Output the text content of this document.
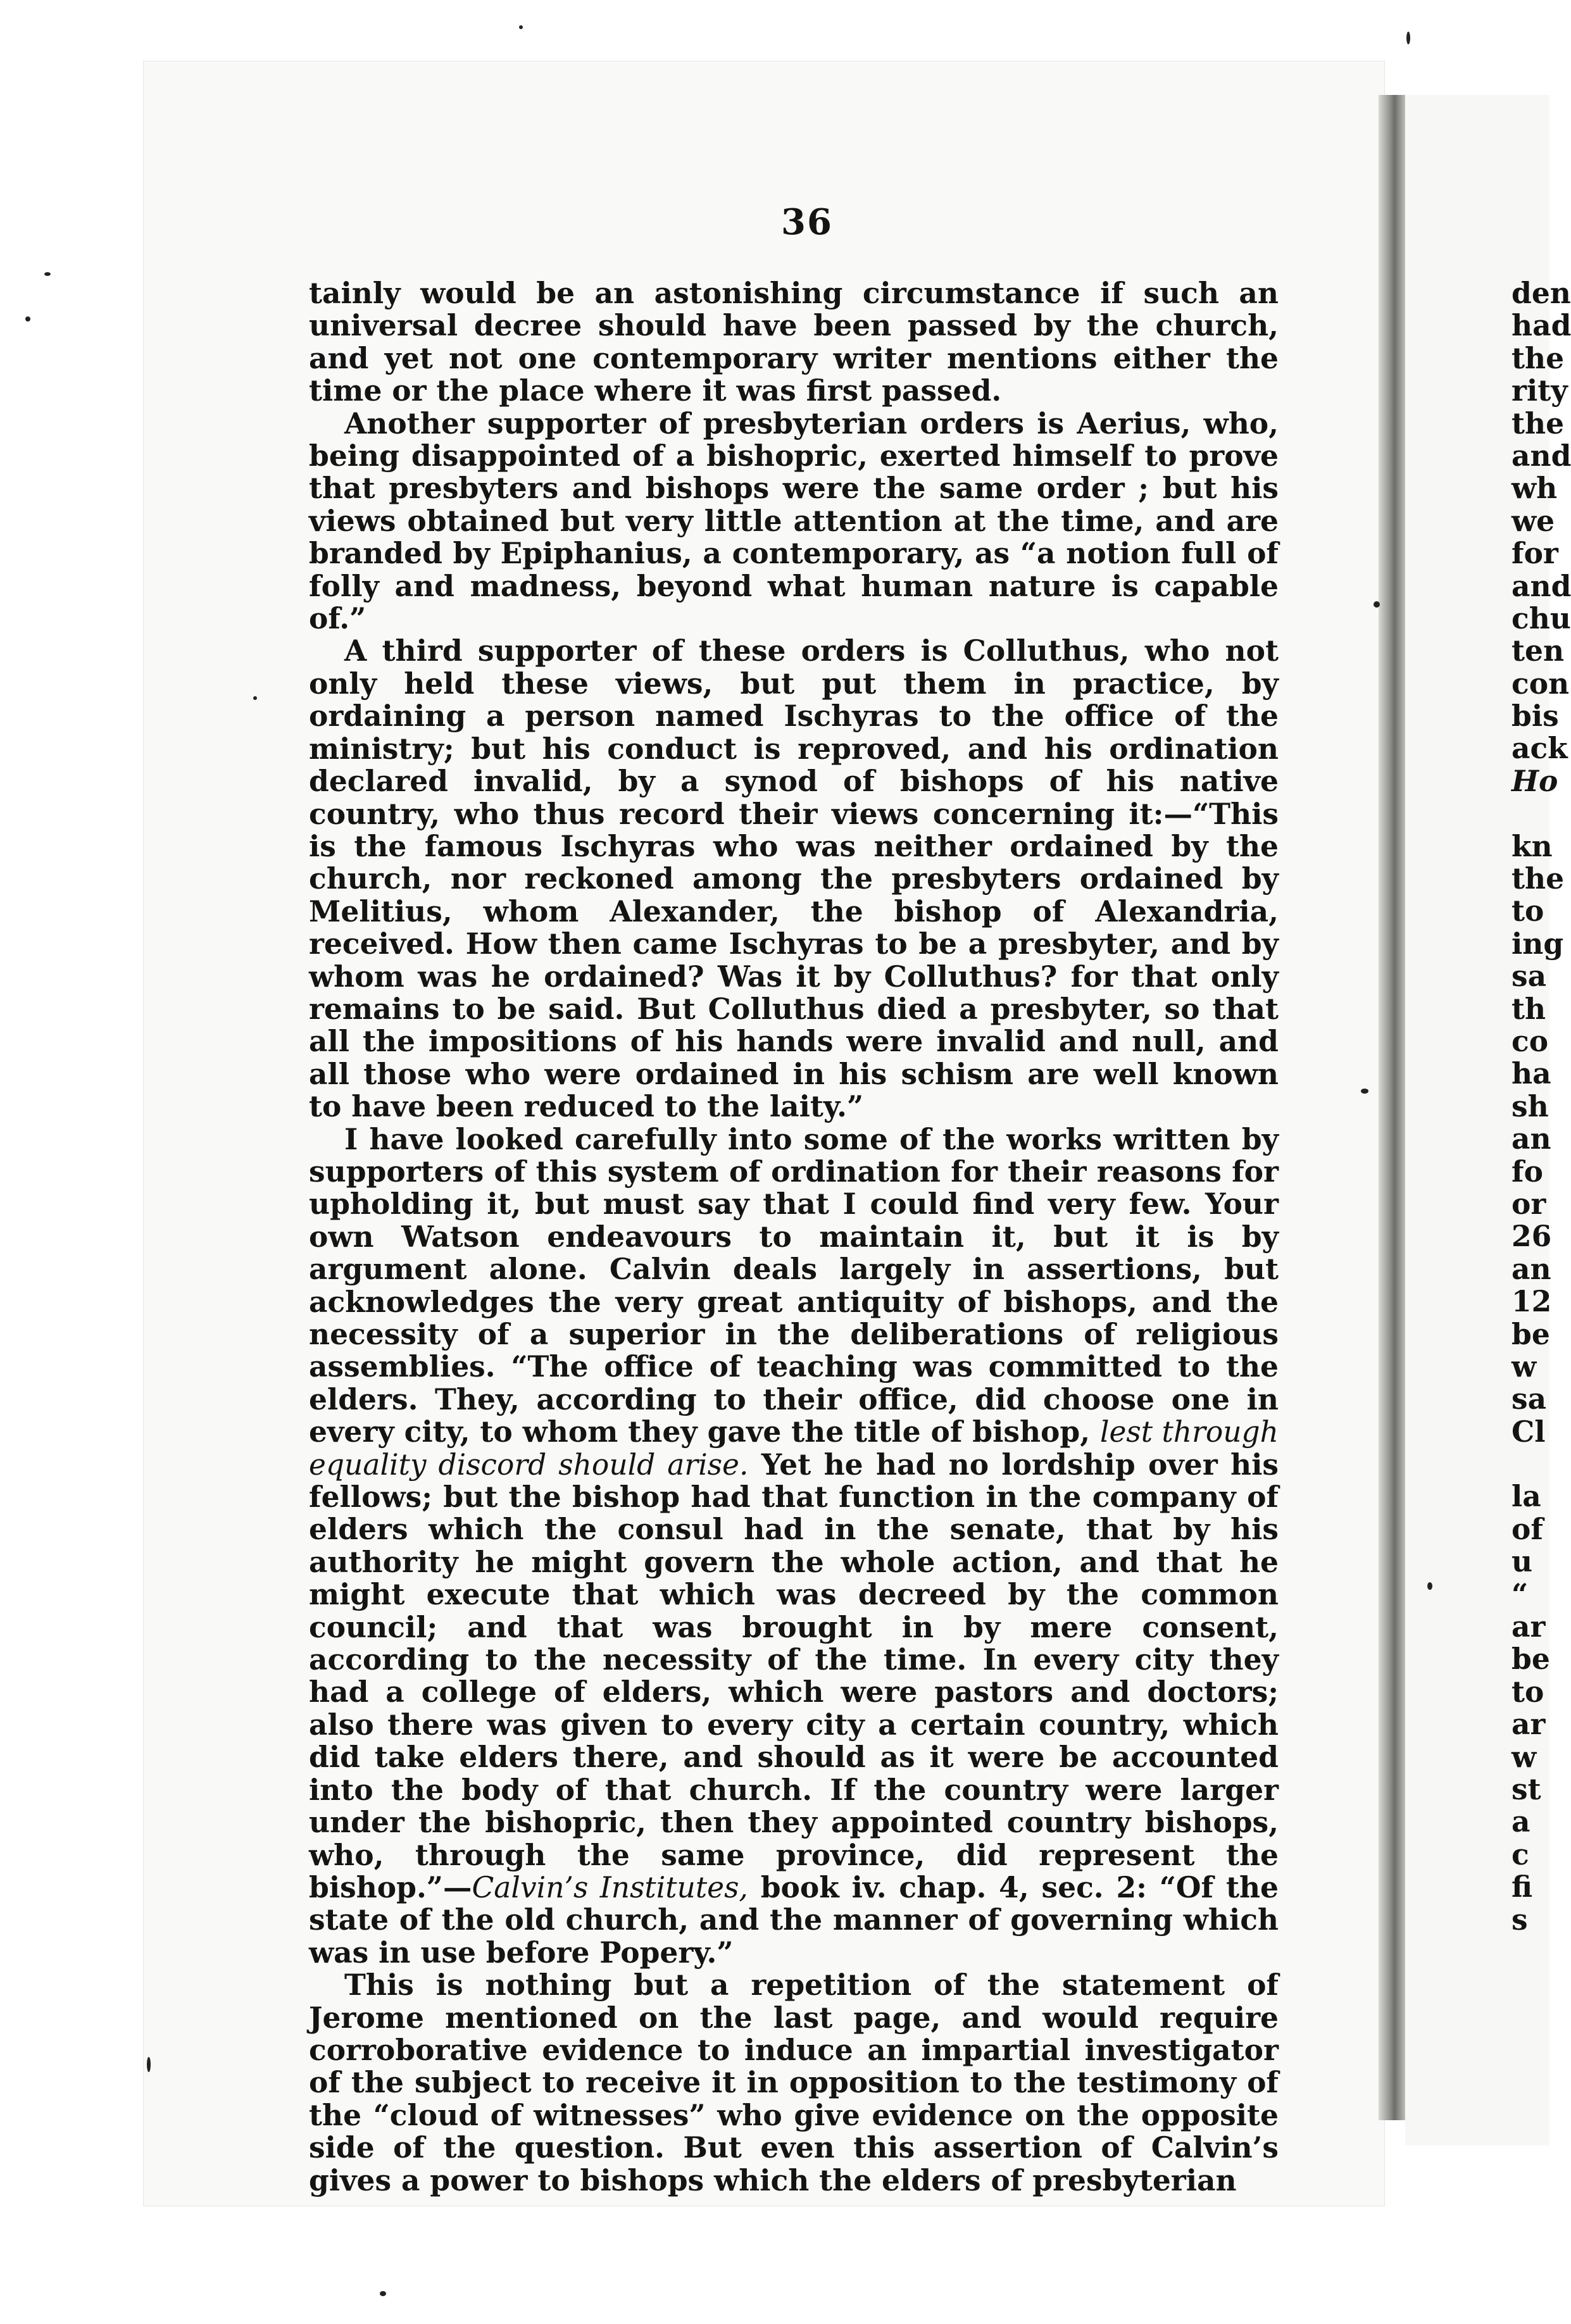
36

tainly would be an astonishing circumstance if such an universal decree should have been passed by the church, and yet not one contemporary writer mentions either the time or the place where it was first passed.

Another supporter of presbyterian orders is Aerius, who, being disappointed of a bishopric, exerted himself to prove that presbyters and bishops were the same order ; but his views obtained but very little attention at the time, and are branded by Epiphanius, a contemporary, as “a notion full of folly and madness, beyond what human nature is capable of.”

A third supporter of these orders is Colluthus, who not only held these views, but put them in practice, by ordaining a person named Ischyras to the office of the ministry; but his conduct is reproved, and his ordination declared invalid, by a synod of bishops of his native country, who thus record their views concerning it:—“This is the famous Ischyras who was neither ordained by the church, nor reckoned among the presbyters ordained by Melitius, whom Alexander, the bishop of Alexandria, received. How then came Ischyras to be a presbyter, and by whom was he ordained? Was it by Colluthus? for that only remains to be said. But Colluthus died a presbyter, so that all the impositions of his hands were invalid and null, and all those who were ordained in his schism are well known to have been reduced to the laity.”

I have looked carefully into some of the works written by supporters of this system of ordination for their reasons for upholding it, but must say that I could find very few. Your own Watson endeavours to maintain it, but it is by argument alone. Calvin deals largely in assertions, but acknowledges the very great antiquity of bishops, and the necessity of a superior in the deliberations of religious assemblies. “The office of teaching was committed to the elders. They, according to their office, did choose one in every city, to whom they gave the title of bishop, lest through equality discord should arise. Yet he had no lordship over his fellows; but the bishop had that function in the company of elders which the consul had in the senate, that by his authority he might govern the whole action, and that he might execute that which was decreed by the common council; and that was brought in by mere consent, according to the necessity of the time. In every city they had a college of elders, which were pastors and doctors; also there was given to every city a certain country, which did take elders there, and should as it were be accounted into the body of that church. If the country were larger under the bishopric, then they appointed country bishops, who, through the same province, did represent the bishop.”—Calvin’s Institutes, book iv. chap. 4, sec. 2: “Of the state of the old church, and the manner of governing which was in use before Popery.”

This is nothing but a repetition of the statement of Jerome mentioned on the last page, and would require corroborative evidence to induce an impartial investigator of the subject to receive it in opposition to the testimony of the “cloud of witnesses” who give evidence on the opposite side of the question. But even this assertion of Calvin’s gives a power to bishops which the elders of presbyterian

den
had
the
rity
the
and
wh
we
for
and
chu
ten
con
bis
ack
Ho
kn
the
to
ing
sa
th
co
ha
sh
an
fo
or
26
an
12
be
w
sa
Cl
la
of
u
“
ar
be
to
ar
w
st
a
c
fi
s
